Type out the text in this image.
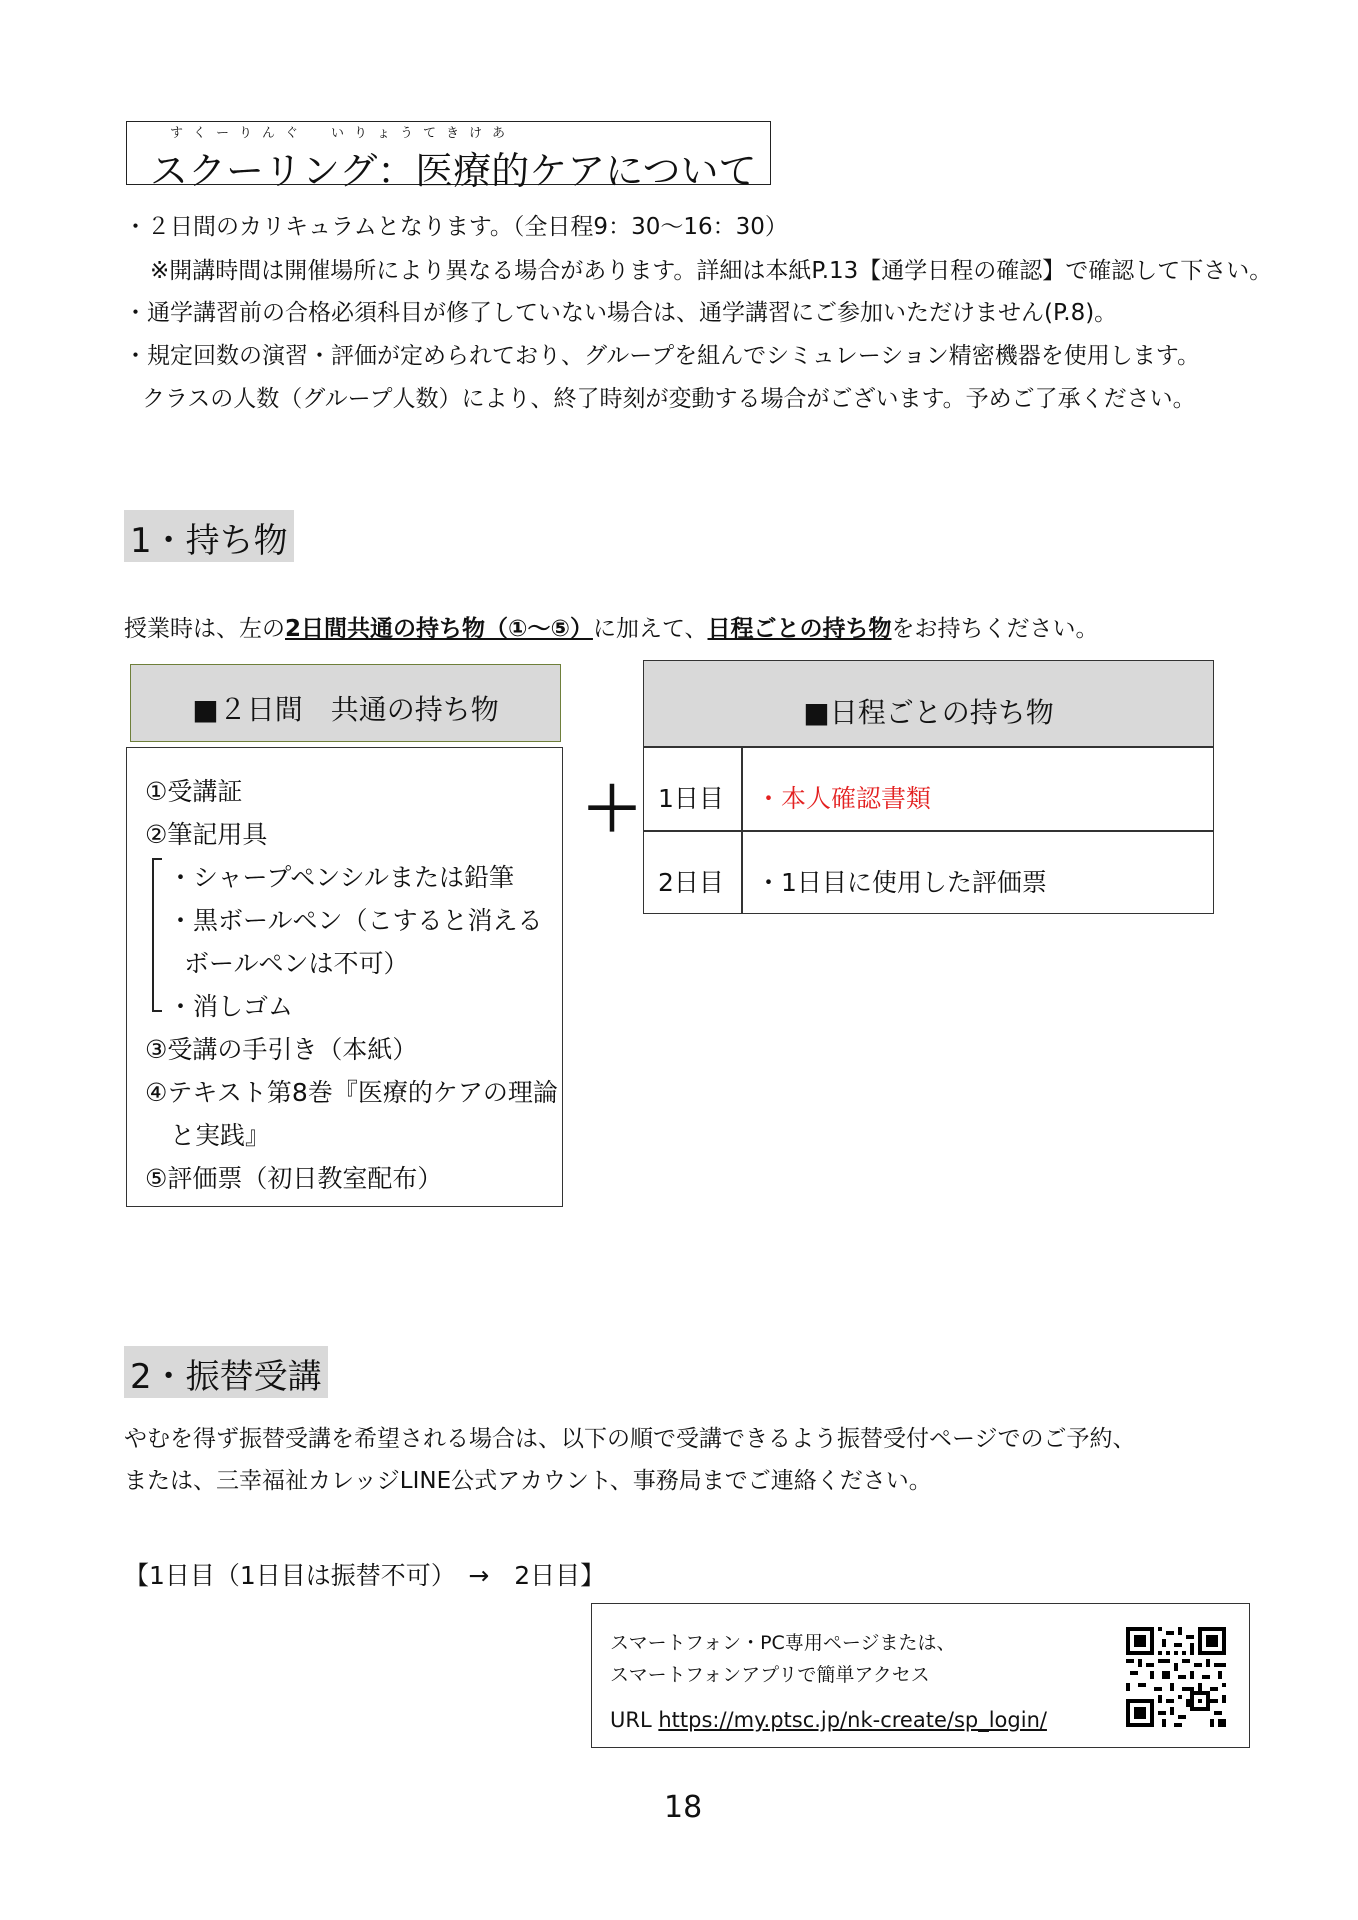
スクーリング：医療的ケアについて
すくーりんぐ　いりょうてきけあ
・２日間のカリキュラムとなります。（全日程9：30～16：30）
※開講時間は開催場所により異なる場合があります。詳細は本紙P.13【通学日程の確認】で確認して下さい。
・通学講習前の合格必須科目が修了していない場合は、通学講習にご参加いただけません(P.8)。
・規定回数の演習・評価が定められており、グループを組んでシミュレーション精密機器を使用します。
クラスの人数（グループ人数）により、終了時刻が変動する場合がございます。予めご了承ください。
1・持ち物
授業時は、左の2日間共通の持ち物（①～⑤）に加えて、日程ごとの持ち物をお持ちください。
■２日間　共通の持ち物
①受講証
②筆記用具
・シャープペンシルまたは鉛筆
・黒ボールペン（こすると消える
ボールペンは不可）
・消しゴム
③受講の手引き（本紙）
④テキスト第8巻『医療的ケアの理論
と実践』
⑤評価票（初日教室配布）
＋
■日程ごとの持ち物
1日目 ・本人確認書類
2日目 ・1日目に使用した評価票
2・振替受講
やむを得ず振替受講を希望される場合は、以下の順で受講できるよう振替受付ページでのご予約、
または、三幸福祉カレッジLINE公式アカウント、事務局までご連絡ください。
【1日目（1日目は振替不可）　→　2日目】
スマートフォン・PC専用ページまたは、
スマートフォンアプリで簡単アクセス
URL https://my.ptsc.jp/nk-create/sp_login/
18
